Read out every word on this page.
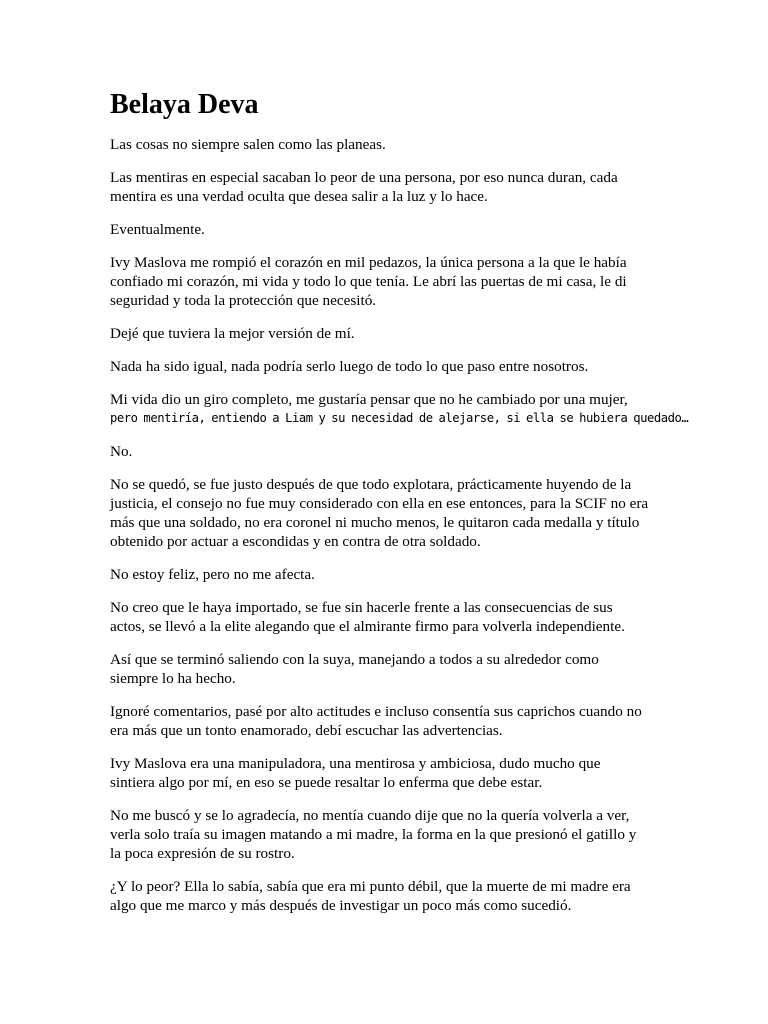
Belaya Deva

Las cosas no siempre salen como las planeas.

Las mentiras en especial sacaban lo peor de una persona, por eso nunca duran, cada
mentira es una verdad oculta que desea salir a la luz y lo hace.

Eventualmente.

Ivy Maslova me rompió el corazón en mil pedazos, la única persona a la que le había
confiado mi corazón, mi vida y todo lo que tenía. Le abrí las puertas de mi casa, le di
seguridad y toda la protección que necesitó.

Dejé que tuviera la mejor versión de mí.

Nada ha sido igual, nada podría serlo luego de todo lo que paso entre nosotros.

Mi vida dio un giro completo, me gustaría pensar que no he cambiado por una mujer,
pero mentiría, entiendo a Liam y su necesidad de alejarse, si ella se hubiera quedado…

No.

No se quedó, se fue justo después de que todo explotara, prácticamente huyendo de la
justicia, el consejo no fue muy considerado con ella en ese entonces, para la SCIF no era
más que una soldado, no era coronel ni mucho menos, le quitaron cada medalla y título
obtenido por actuar a escondidas y en contra de otra soldado.

No estoy feliz, pero no me afecta.

No creo que le haya importado, se fue sin hacerle frente a las consecuencias de sus
actos, se llevó a la elite alegando que el almirante firmo para volverla independiente.

Así que se terminó saliendo con la suya, manejando a todos a su alrededor como
siempre lo ha hecho.

Ignoré comentarios, pasé por alto actitudes e incluso consentía sus caprichos cuando no
era más que un tonto enamorado, debí escuchar las advertencias.

Ivy Maslova era una manipuladora, una mentirosa y ambiciosa, dudo mucho que
sintiera algo por mí, en eso se puede resaltar lo enferma que debe estar.

No me buscó y se lo agradecía, no mentía cuando dije que no la quería volverla a ver,
verla solo traía su imagen matando a mi madre, la forma en la que presionó el gatillo y
la poca expresión de su rostro.

¿Y lo peor? Ella lo sabía, sabía que era mi punto débil, que la muerte de mi madre era
algo que me marco y más después de investigar un poco más como sucedió.
